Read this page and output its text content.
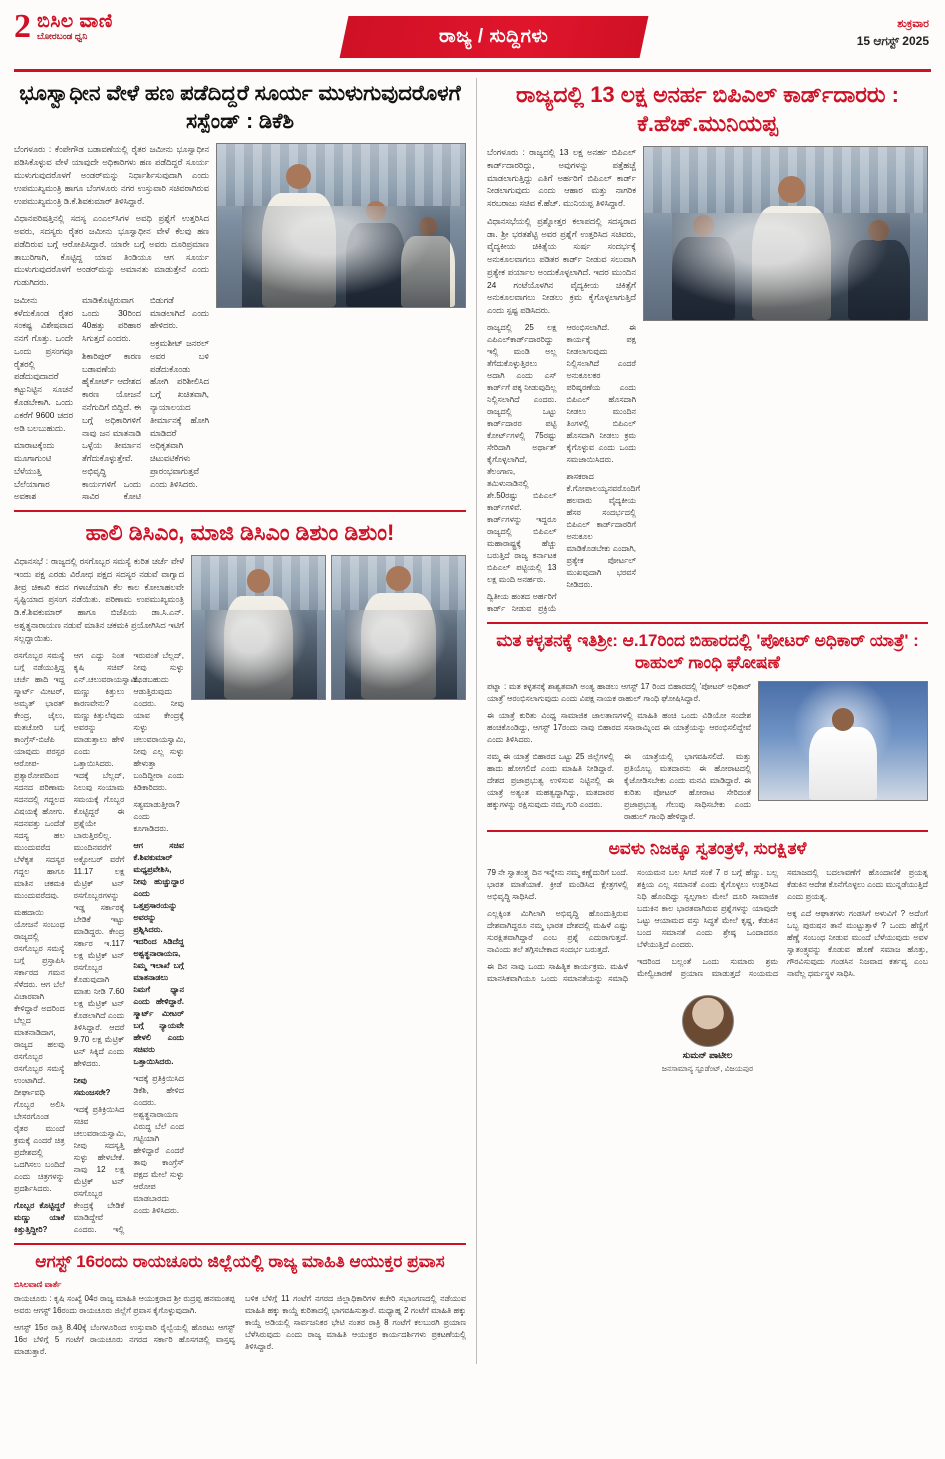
2 ಬಿಸಿಲ ವಾಣಿ
ಬೋರಬಂಡ ಧ್ವನಿ	ರಾಜ್ಯ / ಸುದ್ದಿಗಳು
ಶುಕ್ರವಾರ
15 ಆಗಸ್ಟ್ 2025
ಭೂಸ್ವಾಧೀನ ವೇಳೆ ಹಣ ಪಡೆದಿದ್ದರೆ ಸೂರ್ಯ ಮುಳುಗುವುದರೊಳಗೆ ಸಸ್ಪೆಂಡ್ : ಡಿಕೆಶಿ

ಬೆಂಗಳೂರು : ಕೆಂಪೇಗೌಡ ಬಡಾವಣೆಯಲ್ಲಿ ರೈತರ ಜಮೀನು ಭೂಸ್ವಾಧೀನ ಪಡಿಸಿಕೊಳ್ಳುವ ವೇಳೆ ಯಾವುದೇ ಅಧಿಕಾರಿಗಳು ಹಣ ಪಡೆದಿದ್ದರೆ ಸೂರ್ಯ ಮುಳುಗುವುದರೊಳಗೆ ಅಂಡರ್‌ಮನ್ನು ನಿರ್ಧಾರ್ಶಿಸುವುದಾಗಿ ಎಂದು ಉಪಮುಖ್ಯಮಂತ್ರಿ ಹಾಗೂ ಬೆಂಗಳೂರು ನಗರ ಉಸ್ತುವಾರಿ ಸಚಿವರಾಗಿರುವ ಉಪಮುಖ್ಯಮಂತ್ರಿ ಡಿ.ಕೆ.ಶಿವಕುಮಾರ್ ತಿಳಿಸಿದ್ದಾರೆ.

ವಿಧಾನಪರಿಷತ್ತಿನಲ್ಲಿ ಸದಸ್ಯ ಎಂಎಲ್‌ಸಿಗಳ ಅವಧಿ ಪ್ರಶ್ನೆಗೆ ಉತ್ತರಿಸಿದ ಅವರು, ಸದಸ್ಯರು ರೈತರ ಜಮೀನು ಭೂಸ್ವಾಧೀನ ವೇಳೆ ಕೆಲವು ಹಣ ಪಡೆದಿರುವ ಬಗ್ಗೆ ಆರೋಪಿಸಿದ್ದಾರೆ. ಯಾರೇ ಬಗ್ಗೆ ಅವರು ದೂರಿಪ್ರಮಾಣ ತಾಬುರಿಗಾಗಿ, ಕೊಟ್ಟಿದ್ದ ಯಾವ ತಿಂಡಿಯೂ ಆಗ ಸೂರ್ಯ ಮುಳುಗುವುದರೊಳಗೆ ಅಂಡರ್‌ಮನ್ನು ಅಮಾನತು ಮಾಡುತ್ತೇನೆ ಎಂದು ಗುಡುಗಿದರು.

ಜಮೀನು ಕಳೆದುಕೊಂಡ ರೈತರ ಸಂಕಷ್ಟ ವಿಶೇಷವಾದ ನನಗೆ ಗೊತ್ತು. ಒಂದೇ ಒಂದು ಪ್ರಸಂಗವೂ ರೈತರಲ್ಲಿ ಪಡೆದುವುದಾದರೆ ಕಟ್ಟುನಿಟ್ಟಿನ ಸೂಚನೆ ಕೊಡಬೇಕಾಗಿ. ಒಂದು ಎಕರೆಗೆ 9600 ಚದರ ಅಡಿ ಬಲಬುಹುದು.

ಮಾರಾಟಕ್ಕೆಂದು ಮೂಗಾಗುಂಟಿ ಬೆಳೆಯುತ್ತಿ ಬೆಲೆಯಾಗಾರ ಅವಕಾಶ ಮಾಡಿಕೊಟ್ಟಿರುವಾಗ ಒಂದು 30ರಿಂದ 40ಹತ್ತು ಪರಿಹಾರ ಸಿಗುತ್ತದೆ ಎಂದರು.

ಶಿಕಾರಿಪುರ್ ಕಾರಣ ಬಡಾವಣೆಯ ಹೈಕೋರ್ಟ್ ಆದೇಶದ ಕಾರಣ ಯೋಜನೆ ನನೆಗುದಿಗೆ ಬಿದ್ದಿದೆ. ಈ ಬಗ್ಗೆ ಅಧಿಕಾರಿಗಳಿಗೆ ನಾವು ಜನ ಮಾತನಾಡಿ ಒಳ್ಳೆಯ ತೀರ್ಮಾನ ತೆಗೆದುಕೊಳ್ಳುತ್ತೇವೆ. ಅಭಿವೃದ್ಧಿ ಕಾರ್ಯಗಳಿಗೆ ಒಂದು ಸಾವಿರ ಕೋಟಿ ಬಿಡುಗಡೆ ಮಾಡಲಾಗಿದೆ ಎಂದು ಹೇಳಿದರು.

ಅಕ್ರಮಶೀಟ್ ಜನರಲ್ ಅವರ ಬಳಿ ಪಡೆದುಕೊಂಡು ಹೋಗಿ ಪರಿಶೀಲಿಸಿದ ಬಗ್ಗೆ ಖಚಿತವಾಗಿ, ನ್ಯಾಯಾಲಯದ ತೀರ್ಮಾನಕ್ಕೆ ಹೋಗಿ ಮಾಡಿದರೆ ಅಧಿಕೃತವಾಗಿ ಚಿಟುವಟಿಕೆಗಳು ಪ್ರಾರಂಭವಾಗುತ್ತವೆ ಎಂದು ತಿಳಿಸಿದರು.

ಹಾಲಿ ಡಿಸಿಎಂ, ಮಾಜಿ ಡಿಸಿಎಂ ಡಿಶುಂ ಡಿಶುಂ!

ವಿಧಾನಸಭೆ : ರಾಜ್ಯದಲ್ಲಿ ರಸಗೊಬ್ಬರ ಸಮಸ್ಯೆ ಕುರಿತ ಚರ್ಚೆ ವೇಳೆ ಇಂದು ಪಕ್ಷ ಎರಡು ವಿರೋಧ ಪಕ್ಷದ ಸದಸ್ಯರ ನಡುವೆ ವಾಗ್ವಾದ ತೀವ್ರ ಚಿಕಾಖಿ ಕದನ ಗಳಾಚೆಯಾಗಿ ಕೆಲ ಕಾಲ ಕೋಲಾಹಲವೇ ಸೃಷ್ಟಿಯಾದ ಪ್ರಸಂಗ ನಡೆಯಿತು. ಪರಿಣಾಮ ಉಪಮುಖ್ಯಮಂತ್ರಿ ಡಿ.ಕೆ.ಶಿವಕುಮಾರ್ ಹಾಗೂ ಬಿಜೆಪಿಯ ಡಾ.ಸಿ.ಎನ್. ಅಶ್ವತ್ಥನಾರಾಯಣ ನಡುವೆ ಮಾತಿನ ಚಕಮಕಿ ಪ್ರಯೋಗಿಸಿದ ಇಟಿಗೆ ಸಲ್ಲದ್ದಾಯಿತು.

ರಸಗೊಬ್ಬರ ಸಮಸ್ಯೆ ಬಗ್ಗೆ ನಡೆಯುತ್ತಿದ್ದ ಚರ್ಚೆ ಹಾದಿ ಇದ್ದ ಸ್ಮಾರ್ಟ್ ಮೀಟರ್, ಅಮೃತ್ ಭಾರತ್ ಕೇಂದ್ರ, ಜೈಲು, ಮತಚೋರಿ ಬಗ್ಗೆ ಕಾಂಗ್ರೆಸ್-ಬಿಜೆಪಿ ಯಾವುದು ಪರಸ್ಪರ ಆರೋಪ-ಪ್ರತ್ಯಾರೋಪದಿಂದ ಸದನದ ಪರಿಣಾಮ ಸದನದಲ್ಲಿ ಗದ್ದಲದ ವಿಷಯಕ್ಕೆ ಹೋಗು. ಸದನವತ್ತು ಒಂದೆಡೆ ಸದಸ್ಯ ಹಲ ಮುಂದುವರೆದ ಬೆಳೆಕೃತ ಸದಸ್ಯರ ಗದ್ದಲ ಹಾಗೂ ಮಾತಿನ ಚಕಮಕಿ ಮುಂದುವರೆದವು.

ಮಹದಾಯಿ ಯೋಜನೆ ಸಂಬಂಧ ರಾಜ್ಯದಲ್ಲಿ ರಸಗೊಬ್ಬರ ಸಮಸ್ಯೆ ಬಗ್ಗೆ ಪ್ರಸ್ತಾಪಿಸಿ ಸರ್ಕಾರದ ಗಮನ ಸೆಳೆದರು. ಆಗ ಬೆಲೆ ವಿಚಾರವಾಗಿ ಕೇಳಿದ್ದಾರೆ ಅದರಿಂದ ಬೆಲ್ಲದ ಮಾತನಾಡಿದಾಗ, ರಾಜ್ಯದ ಹಲವು ರಸಗೊಬ್ಬರ ರಸಗೊಬ್ಬರ ಸಮಸ್ಯೆ ಉಂಟಾಗಿದೆ. ದೀರ್ಘಾವಧಿ ಗೊಬ್ಬರ ಅಲಿಸಿ ಬೇಸರಗೊಂಡ ರೈತರ ಮುಂದೆ ಕ್ರಮಕ್ಕೆ ಎಂದರೆ ಚಿತ್ರ ಪ್ರದೇಶದಲ್ಲಿ ಒದಗಿಸಲು ಬಂದಿದೆ ಎಂದು ಚಿತ್ರಗಳನ್ನು ಪ್ರದರ್ಶಿಸಿದರು.

ಗೊಬ್ಬರ ಕೊಟ್ಟಿದ್ದರೆ ಮಣ್ಣು ಯಾಕೆ ಕಿತ್ತುತ್ತಿದ್ದೀರಿ?

ಆಗ ಎದ್ದು ನಿಂತ ಕೃಷಿ ಸಚಿವ್ ಎನ್.ಚಲುವರಾಯಸ್ವಾಮಿ, ಮಣ್ಣು ಕಿತ್ತುಲು ಕಾರಣವೇನು? ಮಣ್ಣು ಕಿತ್ತುಲೆವುದು ಅವರನ್ನು ಮಾಡುತ್ತಾಲು ಹೇಳಿ ಎಂದು ಒತ್ತಾಯಿಸಿದರು. ಇದಕ್ಕೆ ಬೆಲ್ಲದ್, ನಿಲುವು ಸಂಯಾಮ ಸಮಯಕ್ಕೆ ಗೊಬ್ಬರ ಕೊಟ್ಟಿದ್ದರೆ ಈ ಪ್ರಶ್ನೆಯೇ ಬಾರುತ್ತಿರಲಿಲ್ಲ. ಮುಂದಿನವರೆಗೆ ಅಕ್ಟೋಬರ್ ವರೆಗೆ 11.17 ಲಕ್ಷ ಮೆಟ್ರಿಕ್ ಟನ್ ರಸಗೊಬ್ಬರಗಳನ್ನು ಇಡ್ಡ ಸರ್ಕಾರಕ್ಕೆ ಬೇಡಿಕೆ ಇಟ್ಟು ಮಾಡಿದ್ದರು. ಕೇಂದ್ರ ಸರ್ಕಾರ ಇ.117 ಲಕ್ಷ ಮೆಟ್ರಿಕ್ ಟನ್ ರಸಗೊಬ್ಬರ ಕೊಡುವುದಾಗಿ ಮಾತು ನೀಡಿ 7.60 ಲಕ್ಷ ಮೆಟ್ರಿಕ್ ಟನ್ ಕೊಡಲಾಗಿದೆ ಎಂದು ತಿಳಿಸಿದ್ದಾರೆ. ಆದರೆ 9.70 ಲಕ್ಷ ಮೆಟ್ರಿಕ್ ಟನ್ ಸಿಕ್ಕಿದೆ ಎಂದು ಹೇಳಿದರು.

ನೀವು ಸಮಂಜಸರೇ?

ಇದಕ್ಕೆ ಪ್ರತಿಕ್ರಿಯಿಸಿದ ಸಚಿವ ಚಲುವರಾಯಸ್ವಾಮಿ, ನೀವು ಸದಸ್ಯತ್ತಿ ಸುಳ್ಳು ಹೇಳಬೇಕೆ. ನಾವು 12 ಲಕ್ಷ ಮೆಟ್ರಿಕ್ ಟನ್ ರಸಗೊಬ್ಬರ ಕೇಂದ್ರಕ್ಕೆ ಬೇಡಿಕೆ ಮಾಡಿದ್ದೇವೆ ಎಂದರು. ಇಲ್ಲಿ ಇರುವಂತೆ ಬೆಲ್ಲದ್, ನೀವು ಸುಳ್ಳು ಕೊಡಬಹುದು ಆಡುತ್ತಿರುವುದು ಎಂದರು. ನೀವು ಯಾವ ಕೇಂದ್ರಕ್ಕೆ ಸುಳ್ಳು ಚಲುವರಾಯಸ್ವಾಮಿ, ನೀವು ಎಲ್ಲ ಸುಳ್ಳು ಹೇಳುತ್ತಾ ಬಂದಿದ್ದೀರಾ ಎಂದು ಕಿಡಿಕಾರಿದರು.

ಸತ್ಯಮಾಡುತ್ತೀರಾ? ಎಂದು ಕೂಗಾಡಿದರು.

ಆಗ ಸಚಿವ ಕೆ.ಶಿವಕುಮಾರ್ ಮಧ್ಯಪ್ರವೇಶಿಸಿ, ನೀವು ಹುಚ್ಚುದ್ದಾರ ಎಂದು ಒತ್ತಪ್ರಸಾರಯನ್ನು ಅವರನ್ನು ಪ್ರಶ್ನಿಸಿದರು. ಇದರಿಂದ ಸಿಡಿದೆದ್ದ ಅಶ್ವತ್ಥನಾರಾಯಣ, ನಿಮ್ಮ ಇಲಾಖೆ ಬಗ್ಗೆ ಮಾತನಾಡಲು ನಿಮಗೆ ಧ್ಯಾನ ಎಂದು ಹೇಳಿದ್ದಾರೆ. ಸ್ಮಾರ್ಟ್ ಮೀಟರ್ ಬಗ್ಗೆ ನ್ಯಾಯವೇ ಹೇಳಲಿ ಎಂದು ಸಚಿವರು ಒತ್ತಾಯಿಸಿದರು.

ಇದಕ್ಕೆ ಪ್ರತಿಕ್ರಿಯಿಸಿದ ಡಿಕೆಶಿ, ಹೇಳಿದ ಎಂದರು. ಅಶ್ವತ್ಥನಾರಾಯಣ ವಿರುದ್ಧ ಬೆಲೆ ಎಂದ ಗಟ್ಟಿಯಾಗಿ ಹೇಳಿದ್ದಾರೆ ಎಂದರೆ ತಾವು ಕಾಂಗ್ರೆಸ್ ಪಕ್ಷದ ಮೇಲೆ ಸುಳ್ಳು ಆರೋಪ ಮಾಡಬಾರದು ಎಂದು ತಿಳಿಸಿದರು.

ಆಗಸ್ಟ್ 16ರಂದು ರಾಯಚೂರು ಜಿಲ್ಲೆಯಲ್ಲಿ ರಾಜ್ಯ ಮಾಹಿತಿ ಆಯುಕ್ತರ ಪ್ರವಾಸ
ಬಿಸಿಲವಾಣಿ ವಾರ್ತೆ

ರಾಯಚೂರು : ಕೃಷಿ ಸಂಖ್ಯೆ 04ರ ರಾಜ್ಯ ಮಾಹಿತಿ ಆಯುಕ್ತರಾದ ಶ್ರೀ ರುದ್ರಪ್ಪ ಹನಮಂತಪ್ಪ ಅವರು ಆಗಸ್ಟ್ 16ರಂದು ರಾಯಚೂರು ಜಿಲ್ಲೆಗೆ ಪ್ರವಾಸ ಕೈಗೊಳ್ಳುವುದಾಗಿ.

ಆಗಸ್ಟ್ 15ರ ರಾತ್ರಿ 8.40ಕ್ಕೆ ಬೆಂಗಳೂರಿಂದ ಉಸ್ತುವಾರಿ ರೈಲ್ವೆಯಲ್ಲಿ ಹೊರಟು ಆಗಸ್ಟ್ 16ರ ಬೆಳಿಗ್ಗೆ 5 ಗಂಟೆಗೆ ರಾಯಚೂರು ನಗರದ ಸರ್ಕಾರಿ ಹೊಸಗಡಲ್ಲಿ ವಾಸ್ತವ್ಯ ಮಾಡುತ್ತಾರೆ.

ಬಳಿಕ ಬೆಳಿಗ್ಗೆ 11 ಗಂಟೆಗೆ ನಗರದ ಜಿಲ್ಲಾಧಿಕಾರಿಗಳ ಕಚೇರಿ ಸಭಾಂಗಣದಲ್ಲಿ ನಡೆಯುವ ಮಾಹಿತಿ ಹಕ್ಕು ಕಾಯ್ದೆ ಕುರಿತಾದಲ್ಲಿ ಭಾಗವಹಿಸುತ್ತಾರೆ. ಮಧ್ಯಾಹ್ನ 2 ಗಂಟೆಗೆ ಮಾಹಿತಿ ಹಕ್ಕು ಕಾಯ್ದೆ ಅಡಿಯಲ್ಲಿ ಸಾರ್ವಜನಿಕರ ಭೇಟಿ ನಂತರ ರಾತ್ರಿ 8 ಗಂಟೆಗೆ ಕಲಬುರಗಿ ಪ್ರಯಾಣ ಬೆಳೆಸಿರುವುದು ಎಂದು ರಾಜ್ಯ ಮಾಹಿತಿ ಆಯುಕ್ತರ ಕಾರ್ಯದರ್ಶಿಗಳು ಪ್ರಕಟಣೆಯಲ್ಲಿ ತಿಳಿಸಿದ್ದಾರೆ.

ರಾಜ್ಯದಲ್ಲಿ 13 ಲಕ್ಷ ಅನರ್ಹ ಬಿಪಿಎಲ್ ಕಾರ್ಡ್‌ದಾರರು : ಕೆ.ಹೆಚ್.ಮುನಿಯಪ್ಪ

ಬೆಂಗಳೂರು : ರಾಜ್ಯದಲ್ಲಿ 13 ಲಕ್ಷ ಅನರ್ಹ ಬಿಪಿಎಲ್ ಕಾರ್ಡ್‌ದಾರರಿದ್ದು, ಅವುಗಳನ್ನು ಪತ್ತೆಹಚ್ಚೆ ಮಾಡಲಾಗುತ್ತಿದ್ದು ಎತಿಗೆ ಅರ್ಹರಿಗೆ ಬಿಪಿಎಲ್ ಕಾರ್ಡ್ ನೀಡಲಾಗುವುದು ಎಂದು ಆಹಾರ ಮತ್ತು ನಾಗರಿಕ ಸರಬರಾಜು ಸಚಿವ ಕೆ.ಹೆಚ್. ಮುನಿಯಪ್ಪ ತಿಳಿಸಿದ್ದಾರೆ.

ವಿಧಾನಸಭೆಯಲ್ಲಿ ಪ್ರಶ್ನೋತ್ತರ ಕಲಾಪದಲ್ಲಿ ಸದಸ್ಯರಾದ ಡಾ. ಶ್ರೀ ಭರತಶೆಟ್ಟಿ ಅವರ ಪ್ರಶ್ನೆಗೆ ಉತ್ತರಿಸಿದ ಸಚಿವರು, ವೈದ್ಯಕೀಯ ಚಿಕಿತ್ಸೆಯ ಸುರ್ಷ ಸಂದರ್ಭಕ್ಕೆ ಅನುಕೂಲವಾಗಲು ಪಡಿತರ ಕಾರ್ಡ್ ನೀಡುವ ಸಲುವಾಗಿ ಪ್ರತ್ಯೇಕ ಪರ್ಯಾಲ ಅಂದುಕೊಳ್ಳಲಾಗಿದೆ. ಇದರ ಮುಂದಿನ 24 ಗಂಟೆಯೊಳಗಿನ ವೈದ್ಯಕೀಯ ಚಿಕಿತ್ಸೆಗೆ ಅನುಕೂಲವಾಗಲು ನೀಡಲು ಕ್ರಮ ಕೈಗೊಳ್ಳಲಾಗುತ್ತಿದೆ ಎಂದು ಸ್ಪಷ್ಟ ಪಡಿಸಿದರು.

ರಾಜ್ಯದಲ್ಲಿ 25 ಲಕ್ಷ ಎಪಿಎಲ್‌ಕಾರ್ಡ್‌ದಾರರಿದ್ದು ಇಲ್ಲಿ ಮಂಡಿ ಅಲ್ಲ ತೆಗೆದುಕೊಳ್ಳುತ್ತಿರಲು ಅದಾಗಿ ಎಂದು ಎಸ್ ಕಾರ್ಡ್‌ಗೆ ಪಕ್ಕ ನೀಡುವುದಿಲ್ಲ ನಿಲ್ಲಿಸಲಾಗಿದೆ ಎಂದರು. ರಾಜ್ಯದಲ್ಲಿ ಒಟ್ಟು ಕಾರ್ಡ್‌ದಾರರ ಪಟ್ಟಿ ಕೋರ್ಟ್‌ಗಳಲ್ಲಿ 75ರಷ್ಟು ಸೇರಿದಾಗಿ ಅರ್ಥಾತ್ ಕೈಗೊಳ್ಳಲಾಗಿದೆ, ತೆಲಂಗಾಣ, ತಮಿಳುನಾಡಿನಲ್ಲಿ ಶೇ.50ರಷ್ಟು ಬಿಪಿಎಲ್ ಕಾರ್ಡ್‌ಗಳಿವೆ. ಕಾರ್ಡ್‌ಗಳನ್ನು ಇದ್ದರೂ ರಾಜ್ಯದಲ್ಲಿ ಬಿಪಿಎಲ್ ಮಹಾರಾಷ್ಟ್ರಕ್ಕೆ ಹೆಚ್ಚು ಬರುತ್ತಿದೆ ರಾಜ್ಯ ಕರ್ನಾಟಕ ಬಿಪಿಎಲ್ ಪಟ್ಟಿಯಲ್ಲಿ 13 ಲಕ್ಷ ಮಂದಿ ಅನರ್ಹರು.

ದ್ವಿತೀಯ ಹಂತದ ಅರ್ಹರಿಗೆ ಕಾರ್ಡ್ ನೀಡುವ ಪ್ರಕ್ರಿಯೆ ಆರಂಭಿಸಲಾಗಿದೆ. ಈ ಕಾರ್ಯಕ್ಕೆ ಪಕ್ಷ ನೀಡಲಾಗುವುದು ನಿಲ್ಲಿಸಲಾಗಿದೆ ಎಂದರೆ ಅನುಕೂಲಕರ ಪರಿಷ್ಕರಣೆಯ ಎಂದು ಬಿಪಿಎಲ್ ಹೊಸದಾಗಿ ನೀಡಲು ಮುಂದಿನ ತಿಂಗಳಲ್ಲಿ ಬಿಪಿಎಲ್ ಹೊಸದಾಗಿ ನೀಡಲು ಕ್ರಮ ಕೈಗೊಳ್ಳುವ ಎಂದು ಒಂದು ಸಮಜಾಯಿಸಿದರು.

ಶಾಸಕರಾದ ಕೆ.ಗೋಪಾಲಯ್ಯನವರೊಂದಿಗೆ ಹಲವಾರು ವೈದ್ಯಕೀಯ ಹೆಸರ ಸಂದರ್ಭದಲ್ಲಿ ಬಿಪಿಎಲ್ ಕಾರ್ಡ್‌ದಾರರಿಗೆ ಅನುಕೂಲ ಮಾಡಿಕೊಡಬೇಕು ಎಂದಾಗಿ, ಪ್ರತ್ಯೇಕ ಪೋರ್ಟಲ್ ಮುಖವುದಾಗಿ ಭರವಸೆ ನೀಡಿದರು.

ಮತ ಕಳ್ಳತನಕ್ಕೆ ಇತಿಶ್ರೀ: ಆ.17ರಿಂದ ಬಿಹಾರದಲ್ಲಿ 'ಪೋಟರ್ ಅಧಿಕಾರ್ ಯಾತ್ರೆ' : ರಾಹುಲ್ ಗಾಂಧಿ ಘೋಷಣೆ

ಪಟ್ನಾ : ಮತ ಕಳ್ಳತನಕ್ಕೆ ಶಾಶ್ವತವಾಗಿ ಅಂತ್ಯ ಹಾಡಲು ಆಗಸ್ಟ್ 17 ರಿಂದ ಬಿಹಾರದಲ್ಲಿ 'ಪೋಟರ್ ಅಧಿಕಾರ್ ಯಾತ್ರೆ' ಆರಂಭಿಸಲಾಗುವುದು ಎಂದು ವಿಪಕ್ಷ ನಾಯಕ ರಾಹುಲ್ ಗಾಂಧಿ ಘೋಷಿಸಿದ್ದಾರೆ.

ಈ ಯಾತ್ರೆ ಕುರಿತು ವಿಂಧ್ಯ ಸಾಮಾಜಿಕ ಜಾಲತಾಣಗಳಲ್ಲಿ ಮಾಹಿತಿ ಹಂಚಿ ಒಂದು ವಿಡಿಯೋ ಸಂದೇಶ ಹಂಚಿಕೊಂಡಿದ್ದು, ಆಗಸ್ಟ್ 17ರಂದು ನಾವು ಬಿಹಾರದ ಸಸಾರಾಮ್ನಿಂದ ಈ ಯಾತ್ರೆಯನ್ನು ಆರಂಭಿಸಲಿದ್ದೇವೆ ಎಂದು ತಿಳಿಸಿದರು.

ನಮ್ಮ ಈ ಯಾತ್ರೆ ಬಿಹಾರದ ಒಟ್ಟು 25 ಜಿಲ್ಲೆಗಳಲ್ಲಿ ಹಾದು ಹೋಗಲಿದೆ ಎಂದು ಮಾಹಿತಿ ನೀಡಿದ್ದಾರೆ. ದೇಶದ ಪ್ರಜಾಪ್ರಭುತ್ವ ಉಳಿಸುವ ನಿಟ್ಟಿನಲ್ಲಿ ಈ ಯಾತ್ರೆ ಅತ್ಯಂತ ಮಹತ್ವದ್ದಾಗಿದ್ದು, ಮತದಾರರ ಹಕ್ಕುಗಳನ್ನು ರಕ್ಷಿಸುವುದು ನಮ್ಮ ಗುರಿ ಎಂದರು.

ಈ ಯಾತ್ರೆಯಲ್ಲಿ ಭಾಗವಹಿಸಲಿದೆ. ಮತ್ತು ಪ್ರತಿಯೊಬ್ಬ ಮತದಾರನು ಈ ಹೋರಾಟದಲ್ಲಿ ಕೈಜೋಡಿಸಬೇಕು ಎಂದು ಮನವಿ ಮಾಡಿದ್ದಾರೆ. ಈ ಕುರಿತು ಪೋಟರ್ ಹೋರಾಟ ಸೇರಿದಂತೆ ಪ್ರಜಾಪ್ರಭುತ್ವ ಗೆಲುವು ಸಾಧಿಸಬೇಕು ಎಂದು ರಾಹುಲ್ ಗಾಂಧಿ ಹೇಳಿದ್ದಾರೆ.

ಅವಳು ನಿಜಕ್ಕೂ ಸ್ವತಂತ್ರಳೆ, ಸುರಕ್ಷಿತಳೆ

79 ನೇ ಸ್ವಾತಂತ್ರ್ಯ ದಿನ ಇನ್ನೇನು ನಮ್ಮ ಕಣ್ಣೆದುರಿಗೆ ಬಂದೆ. ಭಾರತ ಮಾತೆಯಾಕೆ. ಕ್ರೀಡೆ ಮಂಡಿಸಿದ ಕ್ಷೇತ್ರಗಳಲ್ಲಿ ಅಭಿವೃದ್ಧಿ ಸಾಧಿಸಿದೆ.

ಎಲ್ಲಕ್ಕಿಂತ ಮಿಗಿಲಾಗಿ ಅಭಿವೃದ್ಧಿ ಹೊಂದುತ್ತಿರುವ ದೇಶವಾಗಿದ್ದರೂ ನಮ್ಮ ಭಾರತ ದೇಶದಲ್ಲಿ ಮಹಿಳೆ ಎಷ್ಟು ಸುರಕ್ಷಿತವಾಗಿದ್ದಾರೆ ಎಂಬ ಪ್ರಶ್ನೆ ಎದುರಾಗುತ್ತದೆ. ನಾವಿಂದು ತಲೆ ತಗ್ಗಿಸಬೇಕಾದ ಸಂದರ್ಭ ಬರುತ್ತದೆ.

ಈ ದಿನ ನಾವು ಒಂದು ಸಾಹಿತ್ಯಿಕ ಕಾರ್ಯಕ್ರಮ. ಮಹಿಳೆ ಮಾನಸಿಕವಾಗಿಯೂ ಒಂದು ಸಮಾನತೆಯನ್ನು ಸಮಾಧಿ ಸಂಯಮನ ಬಲ ಸಿಗದೆ ಸಂಕೆ 7 ರ ಬಗ್ಗೆ ಹೆಣ್ಣು. ಬಲ್ಲ ಶಕ್ತಿಯ ಎಲ್ಲ ಸಮಾನತೆ ಎಂದು ಕೈಗೊಳ್ಳಲು ಉತ್ತರಿಸಿದ ನಿಧಿ ಹೊಂದಿದ್ದು ಸ್ವಲ್ಪಗಾಲ ಮೇಲೆ ದೂರಿ ಸಾಮಾಜಿಕ ಬದುಕಿನ ಕಾಲ ಭಾರತವಾಗಿರುವ ಪ್ರಶ್ನೆಗಳನ್ನು ಯಾವುದೇ ಒಟ್ಟು ಆಯಾಮದ ವಸ್ತು ಸಿದ್ಧತೆ ಮೇಲೆ ಕೃಷ್ಣ, ಕೆಡುಕಿನ ಬಂದ ಸಮಾನತೆ ಎಂದು ಶ್ರೇಷ್ಠ ಒಂದಾದರೂ ಬೆಳೆಯುತ್ತಿದೆ ಎಂದರು.

ಇದರಿಂದ ಬಲ್ಲಂತೆ ಒಂದು ಸುಮಾರು ಶ್ರಮ ಮೇಲ್ವಿಚಾರಣೆ ಪ್ರಯಾಣ ಮಾಡುತ್ತದೆ ಸಂಯಮದ ಸಮಾಜದಲ್ಲಿ ಬದಲಾವಣೆಗೆ ಹೊಂದಾಣಿಕೆ ಪ್ರಯತ್ನ ಕೆಡುಕಿನ ಆದೇಶ ಕೊನೆಗೊಳ್ಳಲು ಎಂದು ಮುನ್ನಡೆಯುತ್ತಿದೆ ಎಂದು ಪ್ರಯತ್ನ.

ಅಕ್ಕ ಎದೆ ಆಘಾತಗಳು ಗಂಡಸಿಗೆ ಅಳುವಿಗೆ ? ಅದೆಂಗೆ ಒಬ್ಬ ಪುರುಷನ ತಾನೆ ಮುಟ್ಟುತ್ತಾಳೆ ? ಒಂದು ಹೆಣ್ಣಿಗೆ ಹೆಣ್ಣೆ ಸಂಬಂಧ ನೀಡುವ ಮುಂದೆ ಬೆಳೆಯುವುದು ಅವಳ ಸ್ವಾತಂತ್ರ್ಯವನ್ನು ಕೊಡುವ ಹೊಣೆ ಸಮಾಜ ಹೊತ್ತು, ಗೌರವಿಸುವುದು ಗಂಡಸಿನ ನಿಜವಾದ ಕರ್ತವ್ಯ ಎಂಬ ನಾವೆಲ್ಲ ಧರ್ಮಸ್ಥಳ ಸಾಧಿಸಿ.

ಸುಮನ್ ಪಾಟೀಲ
ಜನಸಾಮಾನ್ಯ ಸ್ಟೂಡೆಂಟ್, ವಿಜಯಪುರ
